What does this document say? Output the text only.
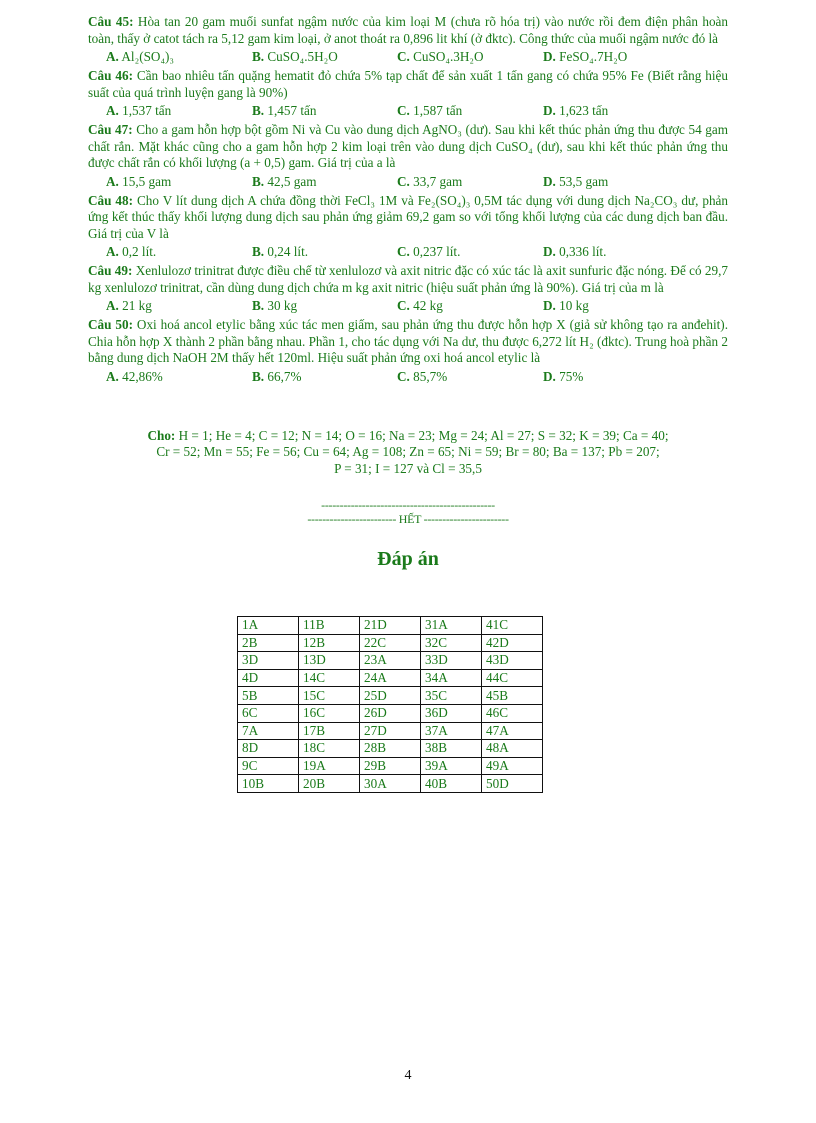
Câu 45: Hòa tan 20 gam muối sunfat ngậm nước của kim loại M (chưa rõ hóa trị) vào nước rồi đem điện phân hoàn toàn, thấy ở catot tách ra 5,12 gam kim loại, ở anot thoát ra 0,896 lit khí (ở đktc). Công thức của muối ngậm nước đó là

A. Al₂(SO₄)₃	B. CuSO₄.5H₂O	C. CuSO₄.3H₂O	D. FeSO₄.7H₂O

Câu 46: Cần bao nhiêu tấn quặng hematit đỏ chứa 5% tạp chất để sản xuất 1 tấn gang có chứa 95% Fe (Biết rằng hiệu suất của quá trình luyện gang là 90%)

A. 1,537 tấn	B. 1,457 tấn	C. 1,587 tấn	D. 1,623 tấn

Câu 47: Cho a gam hỗn hợp bột gồm Ni và Cu vào dung dịch AgNO₃ (dư). Sau khi kết thúc phản ứng thu được 54 gam chất rắn. Mặt khác cũng cho a gam hỗn hợp 2 kim loại trên vào dung dịch CuSO₄ (dư), sau khi kết thúc phản ứng thu được chất rắn có khối lượng (a + 0,5) gam. Giá trị của a là

A. 15,5 gam	B. 42,5 gam	C. 33,7 gam	D. 53,5 gam

Câu 48: Cho V lít dung dịch A chứa đồng thời FeCl₃ 1M và Fe₂(SO₄)₃ 0,5M tác dụng với dung dịch Na₂CO₃ dư, phản ứng kết thúc thấy khối lượng dung dịch sau phản ứng giảm 69,2 gam so với tổng khối lượng của các dung dịch ban đầu. Giá trị của V là

A. 0,2 lít.	B. 0,24 lít.	C. 0,237 lít.	D. 0,336 lít.

Câu 49: Xenlulozơ trinitrat được điều chế từ xenlulozơ và axit nitric đặc có xúc tác là axit sunfuric đặc nóng. Để có 29,7 kg xenlulozơ trinitrat, cần dùng dung dịch chứa m kg axit nitric (hiệu suất phản ứng là 90%). Giá trị của m là

A. 21 kg	B. 30 kg	C. 42 kg	D. 10 kg

Câu 50: Oxi hoá ancol etylic bằng xúc tác men giấm, sau phản ứng thu được hỗn hợp X (giả sử không tạo ra anđehit). Chia hỗn hợp X thành 2 phần bằng nhau. Phần 1, cho tác dụng với Na dư, thu được 6,272 lít H₂ (đktc). Trung hoà phần 2 bằng dung dịch NaOH 2M thấy hết 120ml. Hiệu suất phản ứng oxi hoá ancol etylic là

A. 42,86%	B. 66,7%	C. 85,7%	D. 75%
Cho: H = 1; He = 4; C = 12; N = 14; O = 16; Na = 23; Mg = 24; Al = 27; S = 32; K = 39; Ca = 40;
Cr = 52; Mn = 55; Fe = 56; Cu = 64; Ag = 108; Zn = 65; Ni = 59; Br = 80; Ba = 137; Pb = 207;
P = 31; I = 127 và Cl = 35,5
-----------------------------------------------
------------------------ HẾT -----------------------
Đáp án
1A	11B	21D	31A	41C
2B	12B	22C	32C	42D
3D	13D	23A	33D	43D
4D	14C	24A	34A	44C
5B	15C	25D	35C	45B
6C	16C	26D	36D	46C
7A	17B	27D	37A	47A
8D	18C	28B	38B	48A
9C	19A	29B	39A	49A
10B	20B	30A	40B	50D
4
